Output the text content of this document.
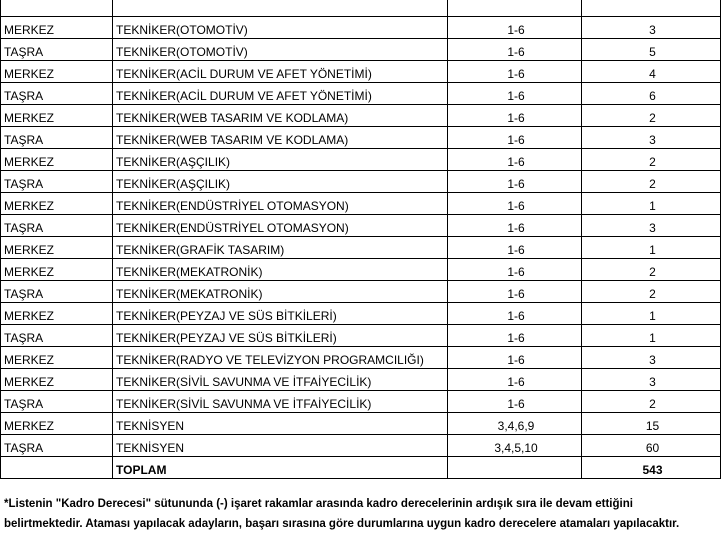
MERKEZ	TEKNİKER(OTOMOTİV)	1-6	3
TAŞRA	TEKNİKER(OTOMOTİV)	1-6	5
MERKEZ	TEKNİKER(ACİL DURUM VE AFET YÖNETİMİ)	1-6	4
TAŞRA	TEKNİKER(ACİL DURUM VE AFET YÖNETİMİ)	1-6	6
MERKEZ	TEKNİKER(WEB TASARIM VE KODLAMA)	1-6	2
TAŞRA	TEKNİKER(WEB TASARIM VE KODLAMA)	1-6	3
MERKEZ	TEKNİKER(AŞÇILIK)	1-6	2
TAŞRA	TEKNİKER(AŞÇILIK)	1-6	2
MERKEZ	TEKNİKER(ENDÜSTRİYEL OTOMASYON)	1-6	1
TAŞRA	TEKNİKER(ENDÜSTRİYEL OTOMASYON)	1-6	3
MERKEZ	TEKNİKER(GRAFİK TASARIM)	1-6	1
MERKEZ	TEKNİKER(MEKATRONİK)	1-6	2
TAŞRA	TEKNİKER(MEKATRONİK)	1-6	2
MERKEZ	TEKNİKER(PEYZAJ VE SÜS BİTKİLERİ)	1-6	1
TAŞRA	TEKNİKER(PEYZAJ VE SÜS BİTKİLERİ)	1-6	1
MERKEZ	TEKNİKER(RADYO VE TELEVİZYON PROGRAMCILIĞI)	1-6	3
MERKEZ	TEKNİKER(SİVİL SAVUNMA VE İTFAİYECİLİK)	1-6	3
TAŞRA	TEKNİKER(SİVİL SAVUNMA VE İTFAİYECİLİK)	1-6	2
MERKEZ	TEKNİSYEN	3,4,6,9	15
TAŞRA	TEKNİSYEN	3,4,5,10	60
	TOPLAM		543

*Listenin "Kadro Derecesi" sütununda (-) işaret rakamlar arasında kadro derecelerinin ardışık sıra ile devam ettiğini

belirtmektedir. Ataması yapılacak adayların, başarı sırasına göre durumlarına uygun kadro derecelere atamaları yapılacaktır.
